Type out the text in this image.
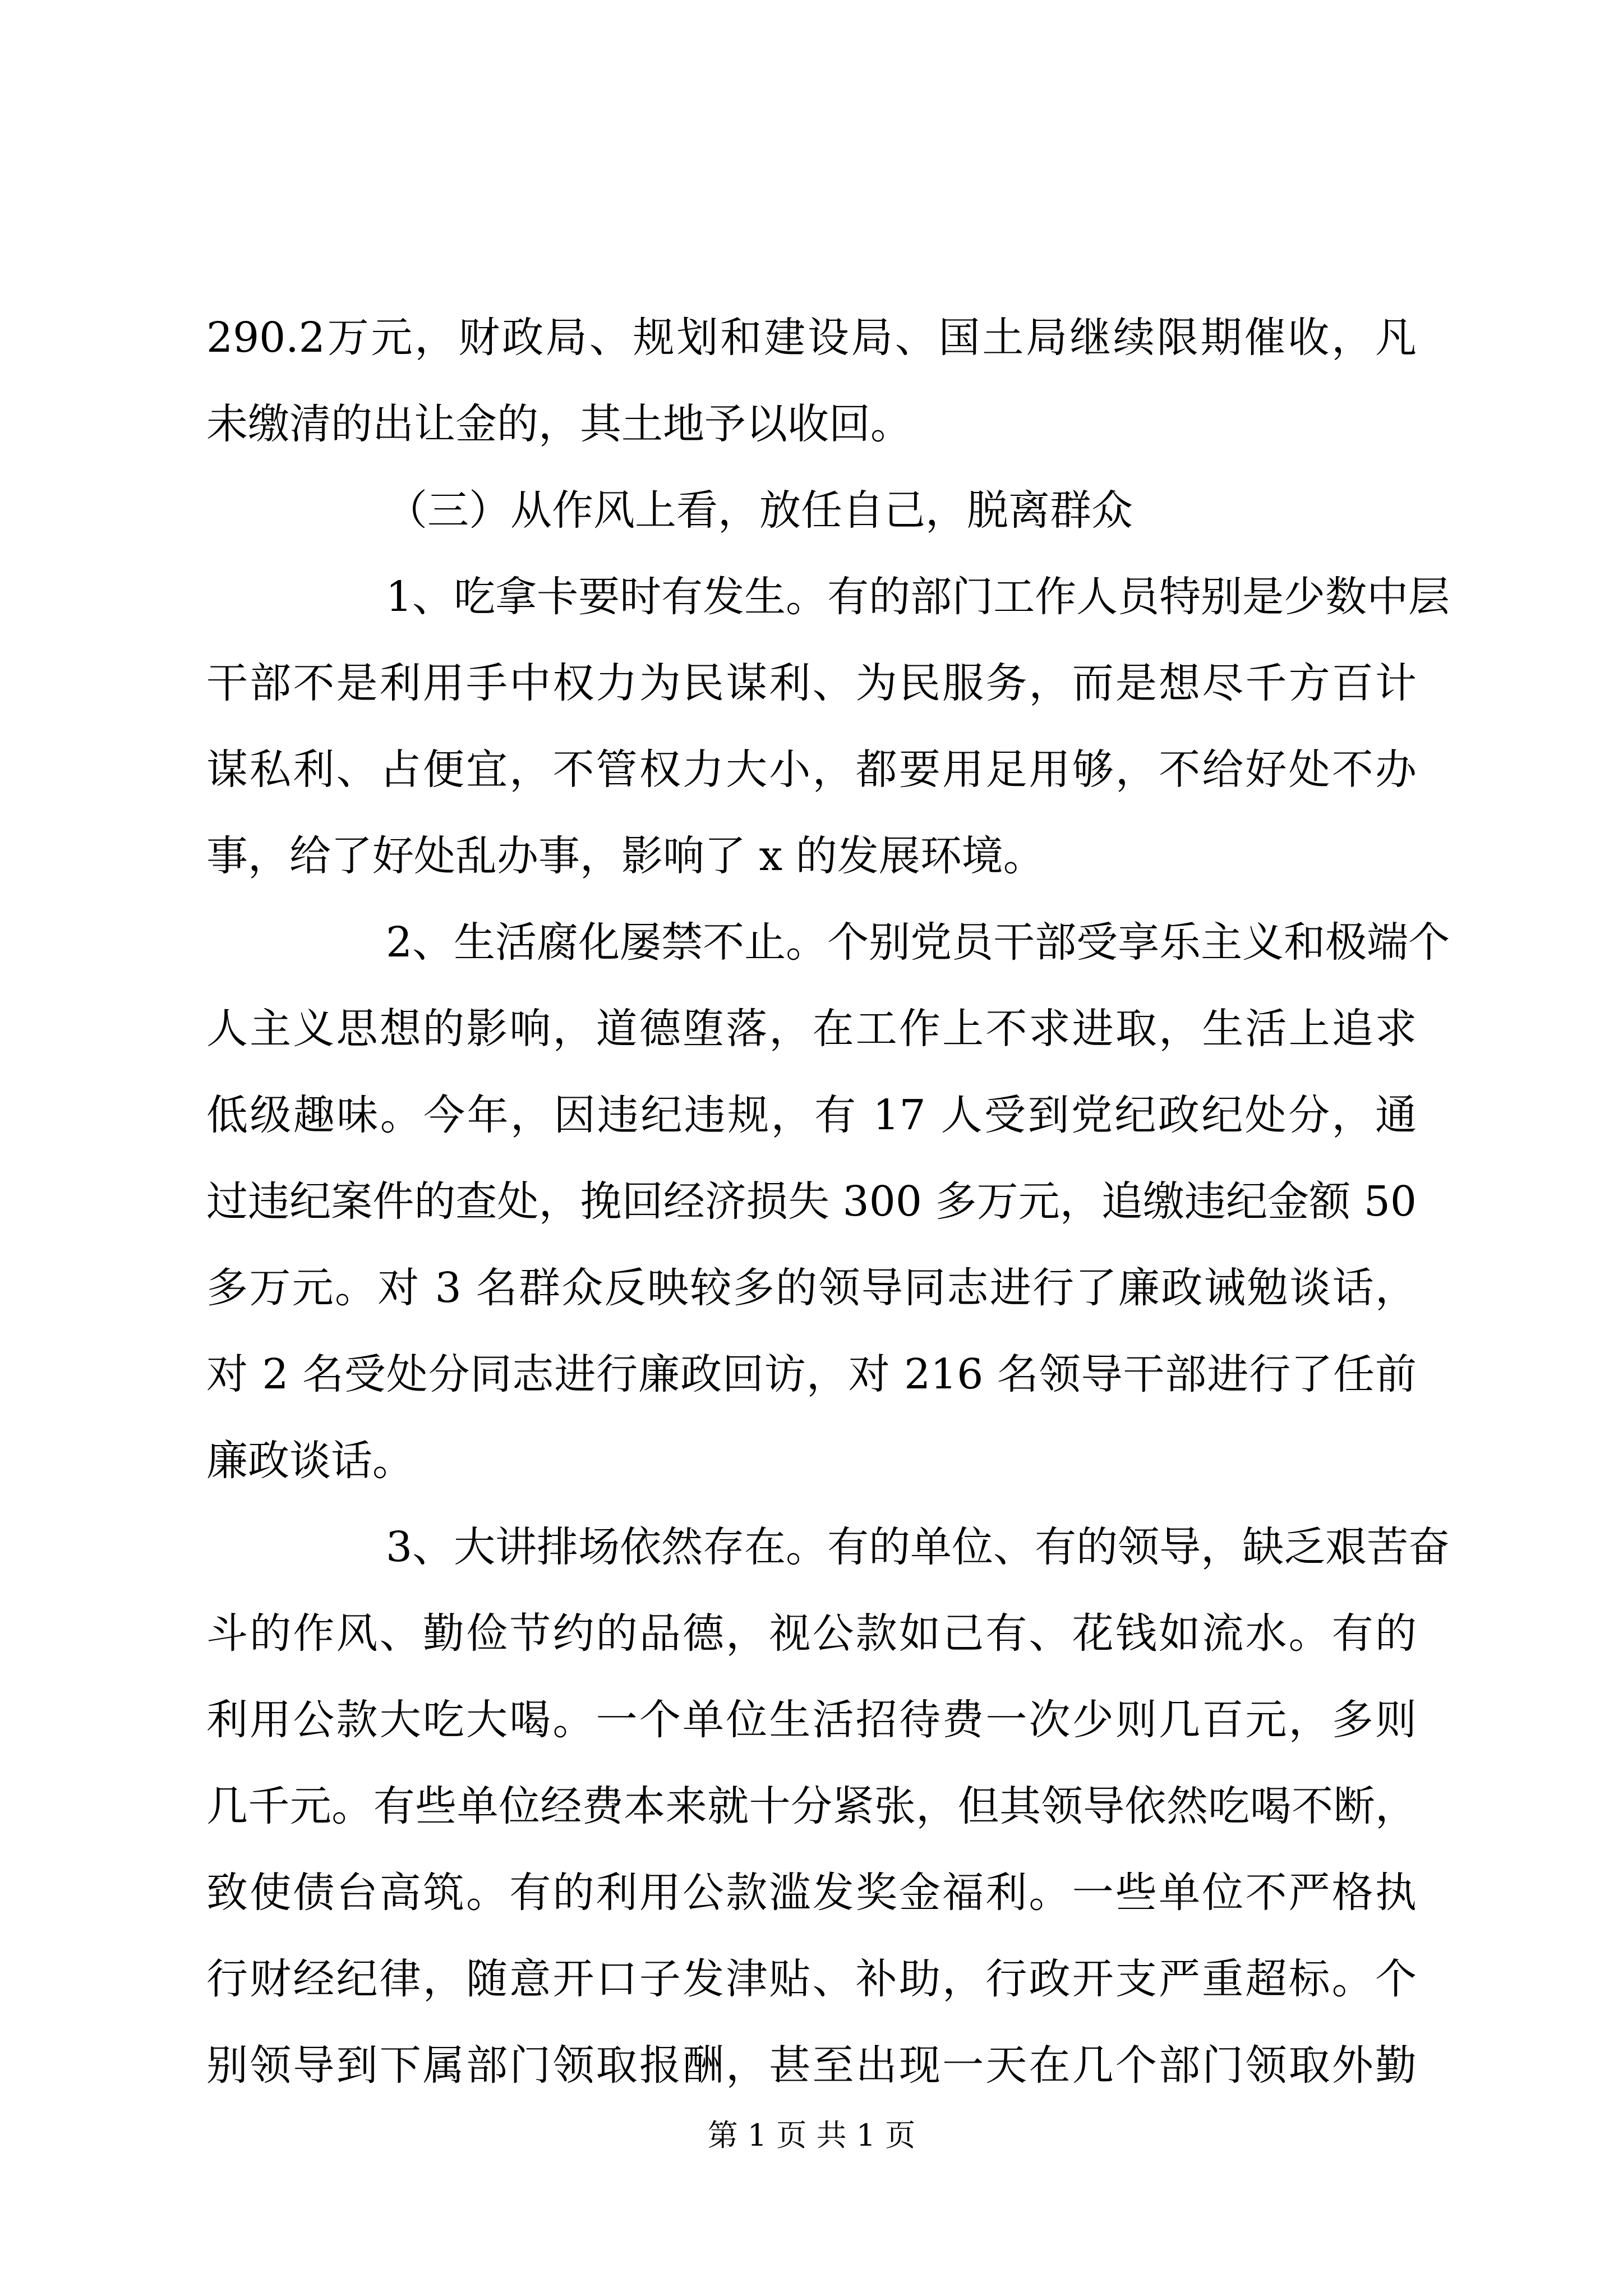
290.2万元，财政局、规划和建设局、国土局继续限期催收，凡
未缴清的出让金的，其土地予以收回。
（三）从作风上看，放任自己，脱离群众
1、吃拿卡要时有发生。有的部门工作人员特别是少数中层
干部不是利用手中权力为民谋利、为民服务，而是想尽千方百计
谋私利、占便宜，不管权力大小，都要用足用够，不给好处不办
事，给了好处乱办事，影响了 x 的发展环境。
2、生活腐化屡禁不止。个别党员干部受享乐主义和极端个
人主义思想的影响，道德堕落，在工作上不求进取，生活上追求
低级趣味。今年，因违纪违规，有 17 人受到党纪政纪处分，通
过违纪案件的查处，挽回经济损失 300 多万元，追缴违纪金额 50
多万元。对 3 名群众反映较多的领导同志进行了廉政诫勉谈话，
对 2 名受处分同志进行廉政回访，对 216 名领导干部进行了任前
廉政谈话。
3、大讲排场依然存在。有的单位、有的领导，缺乏艰苦奋
斗的作风、勤俭节约的品德，视公款如己有、花钱如流水。有的
利用公款大吃大喝。一个单位生活招待费一次少则几百元，多则
几千元。有些单位经费本来就十分紧张，但其领导依然吃喝不断，
致使债台高筑。有的利用公款滥发奖金福利。一些单位不严格执
行财经纪律，随意开口子发津贴、补助，行政开支严重超标。个
别领导到下属部门领取报酬，甚至出现一天在几个部门领取外勤
第 1 页 共 1 页
